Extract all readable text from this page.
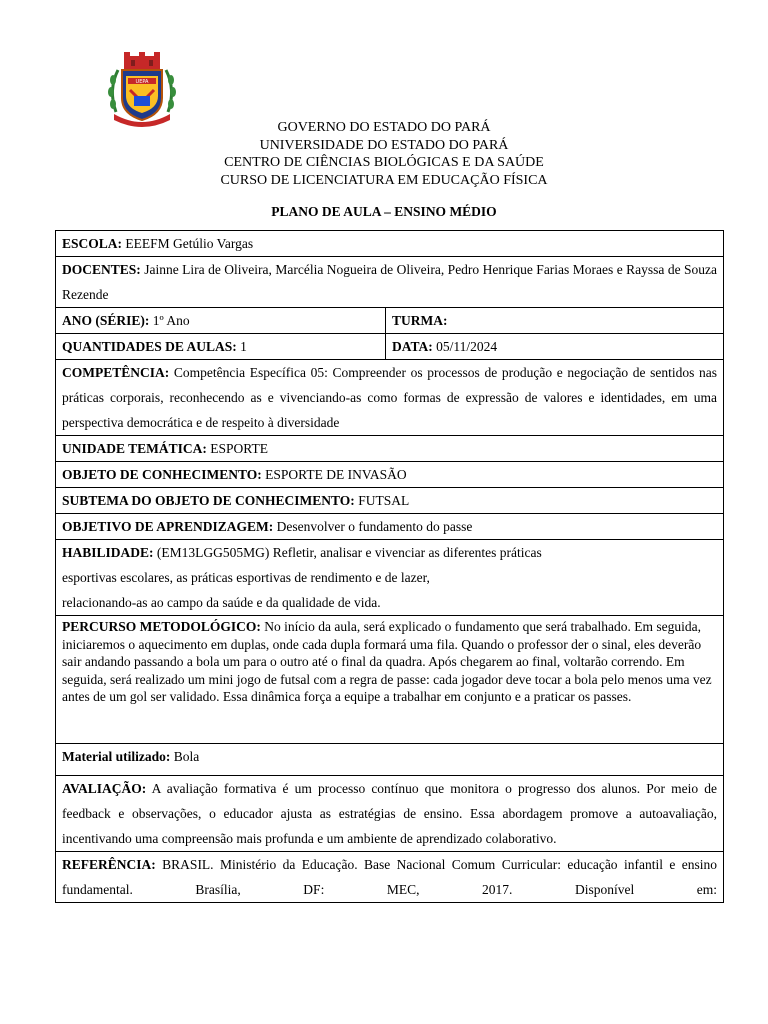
UEPA
GOVERNO DO ESTADO DO PARÁ
UNIVERSIDADE DO ESTADO DO PARÁ
CENTRO DE CIÊNCIAS BIOLÓGICAS E DA SAÚDE
CURSO DE LICENCIATURA EM EDUCAÇÃO FÍSICA
PLANO DE AULA – ENSINO MÉDIO
ESCOLA: EEEFM Getúlio Vargas	
DOCENTES: Jainne Lira de Oliveira, Marcélia Nogueira de Oliveira, Pedro Henrique Farias Moraes e Rayssa de Souza Rezende	
ANO (SÉRIE): 1º Ano	TURMA:
QUANTIDADES DE AULAS: 1	DATA: 05/11/2024
COMPETÊNCIA: Competência Específica 05: Compreender os processos de produção e negociação de sentidos nas práticas corporais, reconhecendo as e vivenciando-as como formas de expressão de valores e identidades, em uma perspectiva democrática e de respeito à diversidade	
UNIDADE TEMÁTICA: ESPORTE	
OBJETO DE CONHECIMENTO: ESPORTE DE INVASÃO	
SUBTEMA DO OBJETO DE CONHECIMENTO: FUTSAL	
OBJETIVO DE APRENDIZAGEM: Desenvolver o fundamento do passe	

HABILIDADE: (EM13LGG505MG) Refletir, analisar e vivenciar as diferentes práticas
esportivas escolares, as práticas esportivas de rendimento e de lazer,
relacionando-as ao campo da saúde e da qualidade de vida.	

PERCURSO METODOLÓGICO: No início da aula, será explicado o fundamento que será trabalhado. Em seguida, iniciaremos o aquecimento em duplas, onde cada dupla formará uma fila. Quando o professor der o sinal, eles deverão sair andando passando a bola um para o outro até o final da quadra. Após chegarem ao final, voltarão correndo. Em seguida, será realizado um mini jogo de futsal com a regra de passe: cada jogador deve tocar a bola pelo menos uma vez antes de um gol ser validado. Essa dinâmica força a equipe a trabalhar em conjunto e a praticar os passes.	
Material utilizado: Bola	
AVALIAÇÃO: A avaliação formativa é um processo contínuo que monitora o progresso dos alunos. Por meio de feedback e observações, o educador ajusta as estratégias de ensino. Essa abordagem promove a autoavaliação, incentivando uma compreensão mais profunda e um ambiente de aprendizado colaborativo.	
REFERÊNCIA: BRASIL. Ministério da Educação. Base Nacional Comum Curricular: educação infantil e ensino fundamental. Brasília, DF: MEC, 2017. Disponível em:	
